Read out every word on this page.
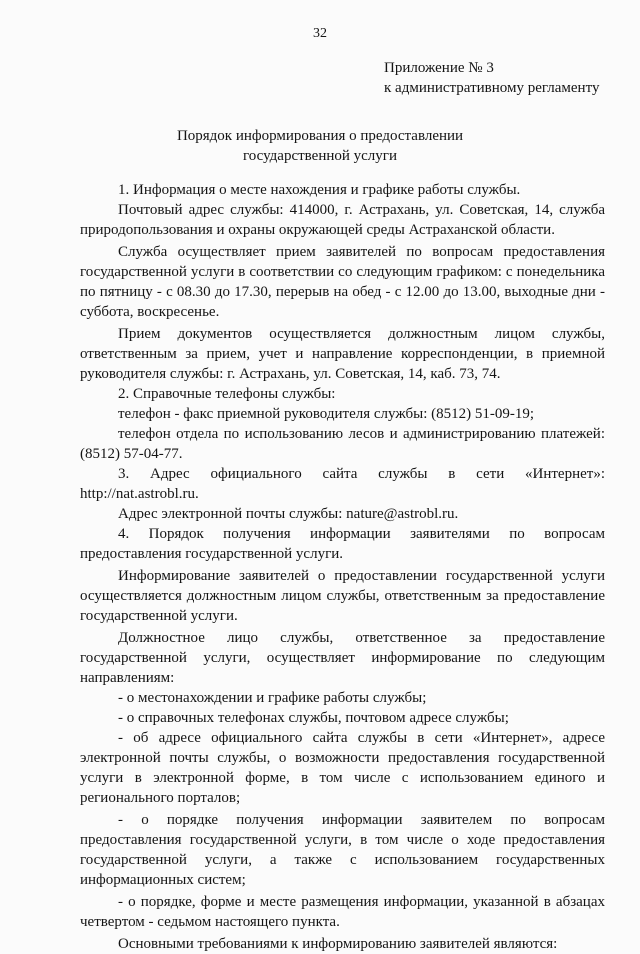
32
Приложение № 3
к административному регламенту
Порядок информирования о предоставлении
государственной услуги

1. Информация о месте нахождения и графике работы службы.

Почтовый адрес службы: 414000, г. Астрахань, ул. Советская, 14, служба природопользования и охраны окружающей среды Астраханской области.

Служба осуществляет прием заявителей по вопросам предоставления государственной услуги в соответствии со следующим графиком: с понедельника по пятницу - с 08.30 до 17.30, перерыв на обед - с 12.00 до 13.00, выходные дни - суббота, воскресенье.

Прием документов осуществляется должностным лицом службы, ответственным за прием, учет и направление корреспонденции, в приемной руководителя службы: г. Астрахань, ул. Советская, 14, каб. 73, 74.

2. Справочные телефоны службы:

телефон - факс приемной руководителя службы: (8512) 51-09-19;

телефон отдела по использованию лесов и администрированию платежей: (8512) 57-04-77.

3. Адрес официального сайта службы в сети «Интернет»: http://nat.astrobl.ru.

Адрес электронной почты службы: nature@astrobl.ru.

4. Порядок получения информации заявителями по вопросам предоставления государственной услуги.

Информирование заявителей о предоставлении государственной услуги осуществляется должностным лицом службы, ответственным за предоставление государственной услуги.

Должностное лицо службы, ответственное за предоставление государственной услуги, осуществляет информирование по следующим направлениям:

- о местонахождении и графике работы службы;

- о справочных телефонах службы, почтовом адресе службы;

- об адресе официального сайта службы в сети «Интернет», адресе электронной почты службы, о возможности предоставления государственной услуги в электронной форме, в том числе с использованием единого и регионального порталов;

- о порядке получения информации заявителем по вопросам предоставления государственной услуги, в том числе о ходе предоставления государственной услуги, а также с использованием государственных информационных систем;

- о порядке, форме и месте размещения информации, указанной в абзацах четвертом - седьмом настоящего пункта.

Основными требованиями к информированию заявителей являются:
